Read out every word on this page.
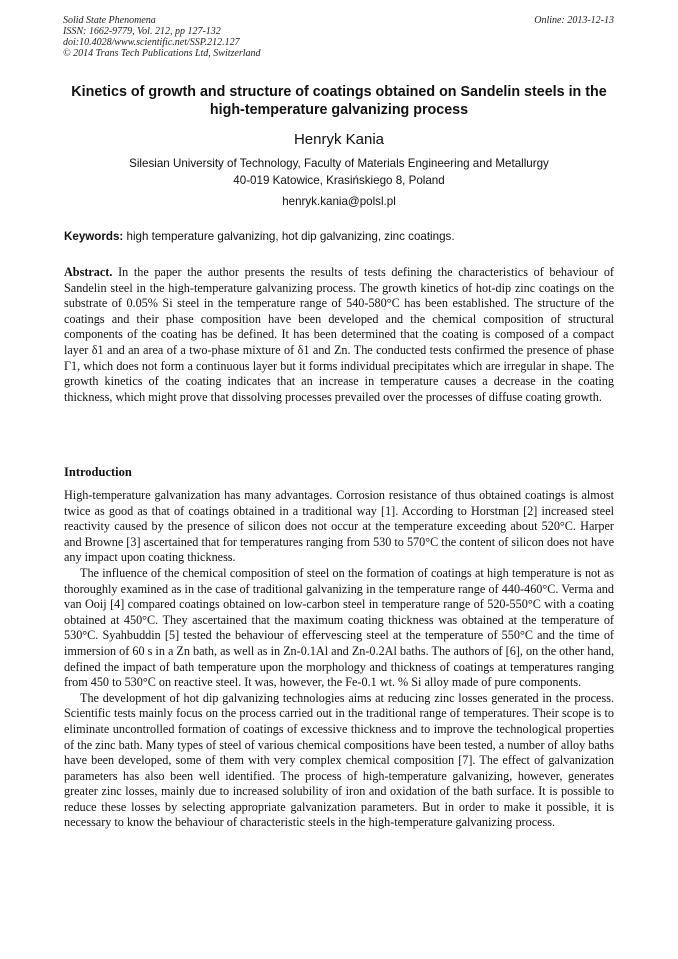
Solid State Phenomena
ISSN: 1662-9779, Vol. 212, pp 127-132
doi:10.4028/www.scientific.net/SSP.212.127
© 2014 Trans Tech Publications Ltd, Switzerland
Online: 2013-12-13
Kinetics of growth and structure of coatings obtained on Sandelin steels in the high-temperature galvanizing process
Henryk Kania
Silesian University of Technology, Faculty of Materials Engineering and Metallurgy
40-019 Katowice, Krasińskiego 8, Poland
henryk.kania@polsl.pl
Keywords: high temperature galvanizing, hot dip galvanizing, zinc coatings.

Abstract. In the paper the author presents the results of tests defining the characteristics of behaviour of Sandelin steel in the high-temperature galvanizing process. The growth kinetics of hot-dip zinc coatings on the substrate of 0.05% Si steel in the temperature range of 540-580°C has been established. The structure of the coatings and their phase composition have been developed and the chemical composition of structural components of the coating has be defined. It has been determined that the coating is composed of a compact layer δ1 and an area of a two-phase mixture of δ1 and Zn. The conducted tests confirmed the presence of phase Γ1, which does not form a continuous layer but it forms individual precipitates which are irregular in shape. The growth kinetics of the coating indicates that an increase in temperature causes a decrease in the coating thickness, which might prove that dissolving processes prevailed over the processes of diffuse coating growth.

Introduction

High-temperature galvanization has many advantages. Corrosion resistance of thus obtained coatings is almost twice as good as that of coatings obtained in a traditional way [1]. According to Horstman [2] increased steel reactivity caused by the presence of silicon does not occur at the temperature exceeding about 520°C. Harper and Browne [3] ascertained that for temperatures ranging from 530 to 570°C the content of silicon does not have any impact upon coating thickness.

The influence of the chemical composition of steel on the formation of coatings at high temperature is not as thoroughly examined as in the case of traditional galvanizing in the temperature range of 440-460°C. Verma and van Ooij [4] compared coatings obtained on low-carbon steel in temperature range of 520-550°C with a coating obtained at 450°C. They ascertained that the maximum coating thickness was obtained at the temperature of 530°C. Syahbuddin [5] tested the behaviour of effervescing steel at the temperature of 550°C and the time of immersion of 60 s in a Zn bath, as well as in Zn-0.1Al and Zn-0.2Al baths. The authors of [6], on the other hand, defined the impact of bath temperature upon the morphology and thickness of coatings at temperatures ranging from 450 to 530°C on reactive steel. It was, however, the Fe-0.1 wt. % Si alloy made of pure components.

The development of hot dip galvanizing technologies aims at reducing zinc losses generated in the process. Scientific tests mainly focus on the process carried out in the traditional range of temperatures. Their scope is to eliminate uncontrolled formation of coatings of excessive thickness and to improve the technological properties of the zinc bath. Many types of steel of various chemical compositions have been tested, a number of alloy baths have been developed, some of them with very complex chemical composition [7]. The effect of galvanization parameters has also been well identified. The process of high-temperature galvanizing, however, generates greater zinc losses, mainly due to increased solubility of iron and oxidation of the bath surface. It is possible to reduce these losses by selecting appropriate galvanization parameters. But in order to make it possible, it is necessary to know the behaviour of characteristic steels in the high-temperature galvanizing process.
